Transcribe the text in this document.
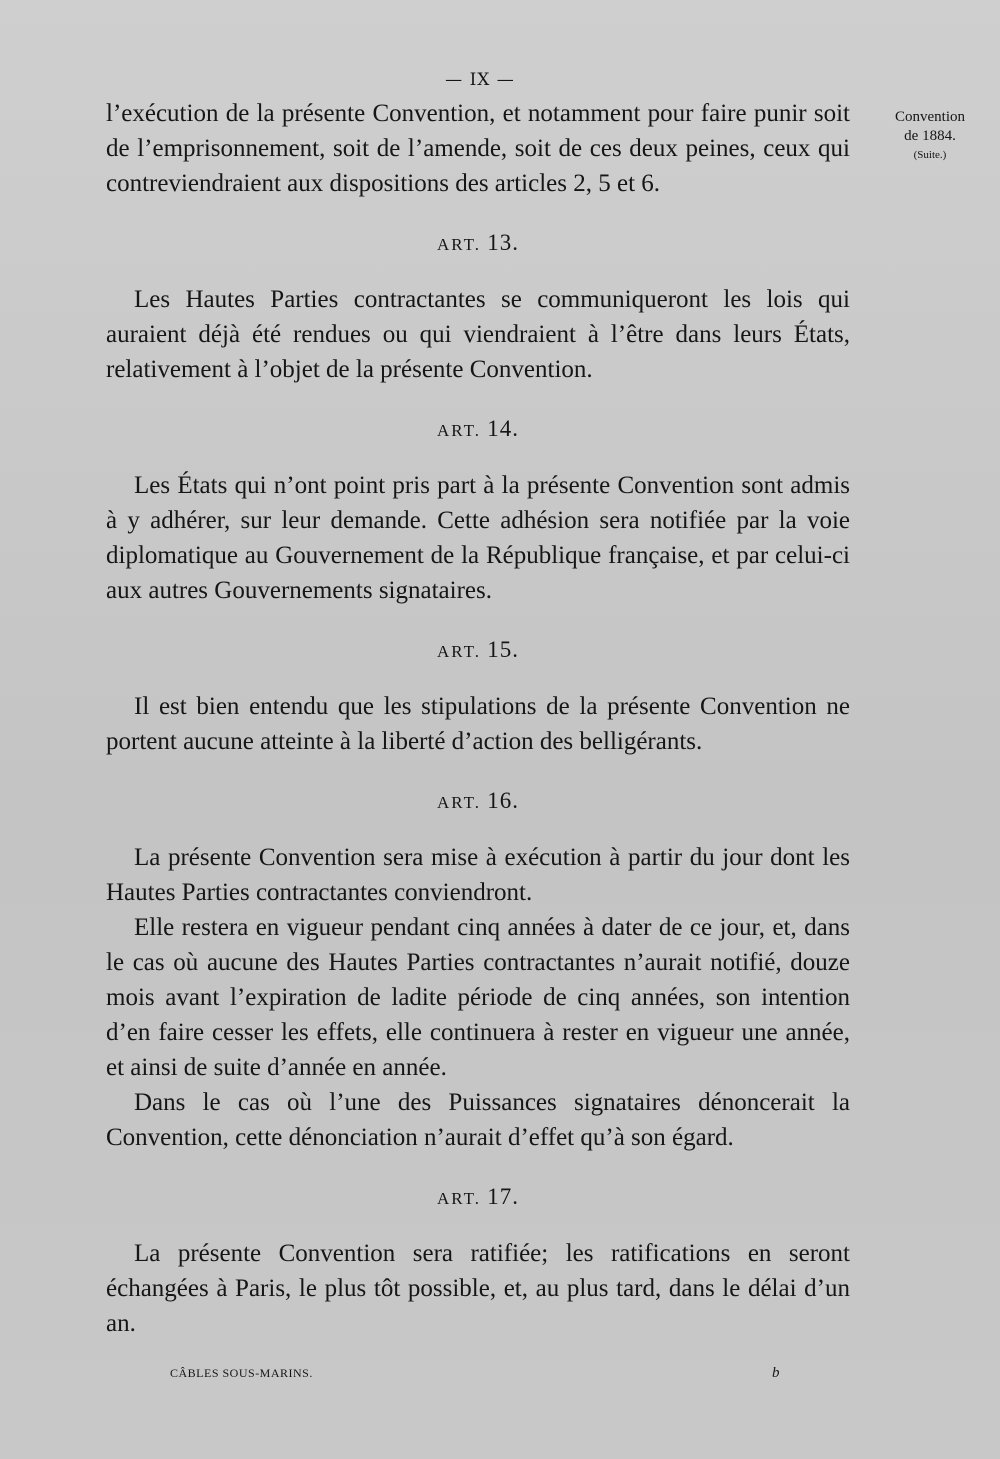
— IX —
Convention
de 1884.
(Suite.)

l’exécution de la présente Convention, et notamment pour faire punir soit de l’emprisonnement, soit de l’amende, soit de ces deux peines, ceux qui contreviendraient aux dispositions des articles 2, 5 et 6.

ART. 13.

Les Hautes Parties contractantes se communiqueront les lois qui auraient déjà été rendues ou qui viendraient à l’être dans leurs États, relativement à l’objet de la présente Convention.

ART. 14.

Les États qui n’ont point pris part à la présente Convention sont admis à y adhérer, sur leur demande. Cette adhésion sera notifiée par la voie diplomatique au Gouvernement de la République française, et par celui-ci aux autres Gouvernements signataires.

ART. 15.

Il est bien entendu que les stipulations de la présente Convention ne portent aucune atteinte à la liberté d’action des belligérants.

ART. 16.

La présente Convention sera mise à exécution à partir du jour dont les Hautes Parties contractantes conviendront.

Elle restera en vigueur pendant cinq années à dater de ce jour, et, dans le cas où aucune des Hautes Parties contractantes n’aurait notifié, douze mois avant l’expiration de ladite période de cinq années, son intention d’en faire cesser les effets, elle continuera à rester en vigueur une année, et ainsi de suite d’année en année.

Dans le cas où l’une des Puissances signataires dénoncerait la Convention, cette dénonciation n’aurait d’effet qu’à son égard.

ART. 17.

La présente Convention sera ratifiée; les ratifications en seront échangées à Paris, le plus tôt possible, et, au plus tard, dans le délai d’un an.

CÂBLES SOUS-MARINS.	b
